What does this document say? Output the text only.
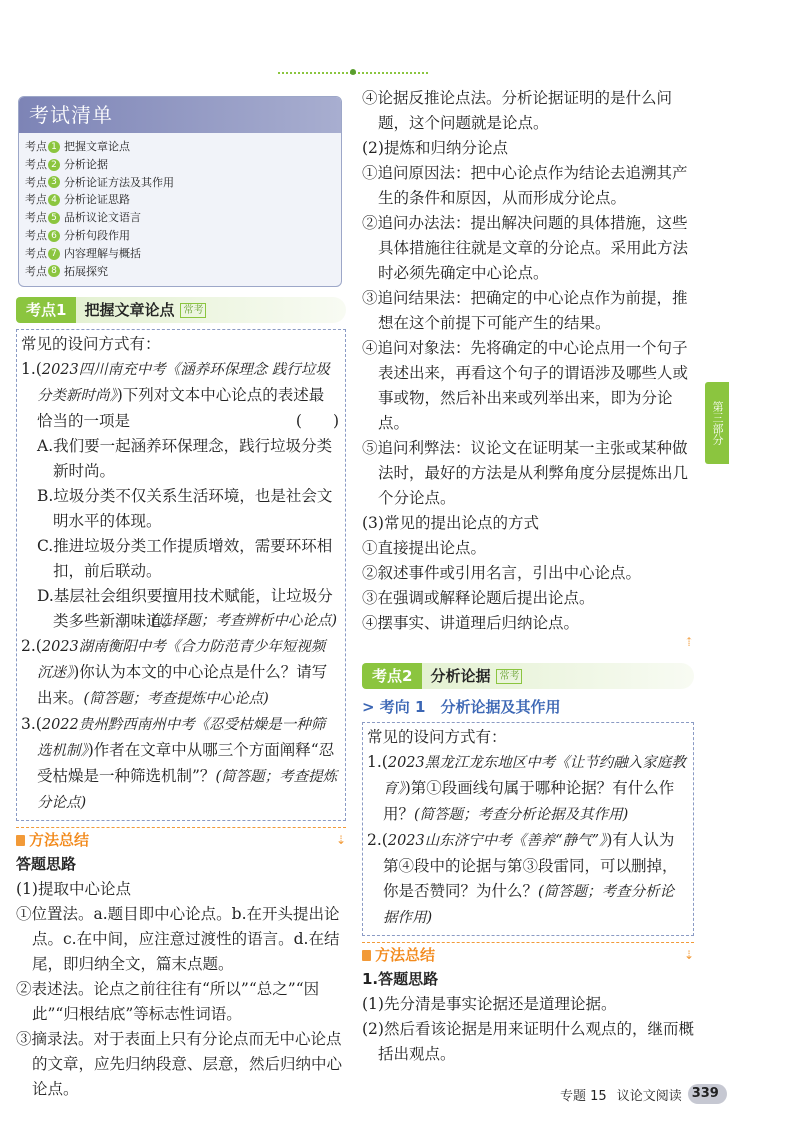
考试清单
考点 1 把握文章论点
考点 2 分析论据
考点 3 分析论证方法及其作用
考点 4 分析论证思路
考点 5 品析议论文语言
考点 6 分析句段作用
考点 7 内容理解与概括
考点 8 拓展探究
考点1	把握文章论点 常考
常见的设问方式有：
1.(2023四川南充中考《涵养环保理念 践行垃圾分类新时尚》)下列对文本中心论点的表述最恰当的一项是	(　　)
A.我们要一起涵养环保理念，践行垃圾分类新时尚。
B.垃圾分类不仅关系生活环境，也是社会文明水平的体现。
C.推进垃圾分类工作提质增效，需要环环相扣，前后联动。
D.基层社会组织要擅用技术赋能，让垃圾分类多些新潮味道。
(选择题；考查辨析中心论点)
2.(2023湖南衡阳中考《合力防范青少年短视频沉迷》)你认为本文的中心论点是什么？请写出来。(简答题；考查提炼中心论点)
3.(2022贵州黔西南州中考《忍受枯燥是一种筛选机制》)作者在文章中从哪三个方面阐释“忍受枯燥是一种筛选机制”？(简答题；考查提炼分论点)
方法总结	⇣
答题思路
(1)提取中心论点
①位置法。a.题目即中心论点。b.在开头提出论点。c.在中间，应注意过渡性的语言。d.在结尾，即归纳全文，篇末点题。
②表述法。论点之前往往有“所以”“总之”“因此”“归根结底”等标志性词语。
③摘录法。对于表面上只有分论点而无中心论点的文章，应先归纳段意、层意，然后归纳中心论点。
④论据反推论点法。分析论据证明的是什么问题，这个问题就是论点。
(2)提炼和归纳分论点
①追问原因法：把中心论点作为结论去追溯其产生的条件和原因，从而形成分论点。
②追问办法法：提出解决问题的具体措施，这些具体措施往往就是文章的分论点。采用此方法时必须先确定中心论点。
③追问结果法：把确定的中心论点作为前提，推想在这个前提下可能产生的结果。
④追问对象法：先将确定的中心论点用一个句子表述出来，再看这个句子的谓语涉及哪些人或事或物，然后补出来或列举出来，即为分论点。
⑤追问利弊法：议论文在证明某一主张或某种做法时，最好的方法是从利弊角度分层提炼出几个分论点。
(3)常见的提出论点的方式
①直接提出论点。
②叙述事件或引用名言，引出中心论点。
③在强调或解释论题后提出论点。
④摆事实、讲道理后归纳论点。
⇡
考点2	分析论据 常考
> 考向 1　分析论据及其作用
常见的设问方式有：
1.(2023黑龙江龙东地区中考《让节约融入家庭教育》)第①段画线句属于哪种论据？有什么作用？(简答题；考查分析论据及其作用)
2.(2023山东济宁中考《善养“静气”》)有人认为第④段中的论据与第③段雷同，可以删掉，你是否赞同？为什么？(简答题；考查分析论据作用)
方法总结	⇣
1.答题思路
(1)先分清是事实论据还是道理论据。
(2)然后看该论据是用来证明什么观点的，继而概括出观点。
第三部分
专题 15 议论文阅读 339
